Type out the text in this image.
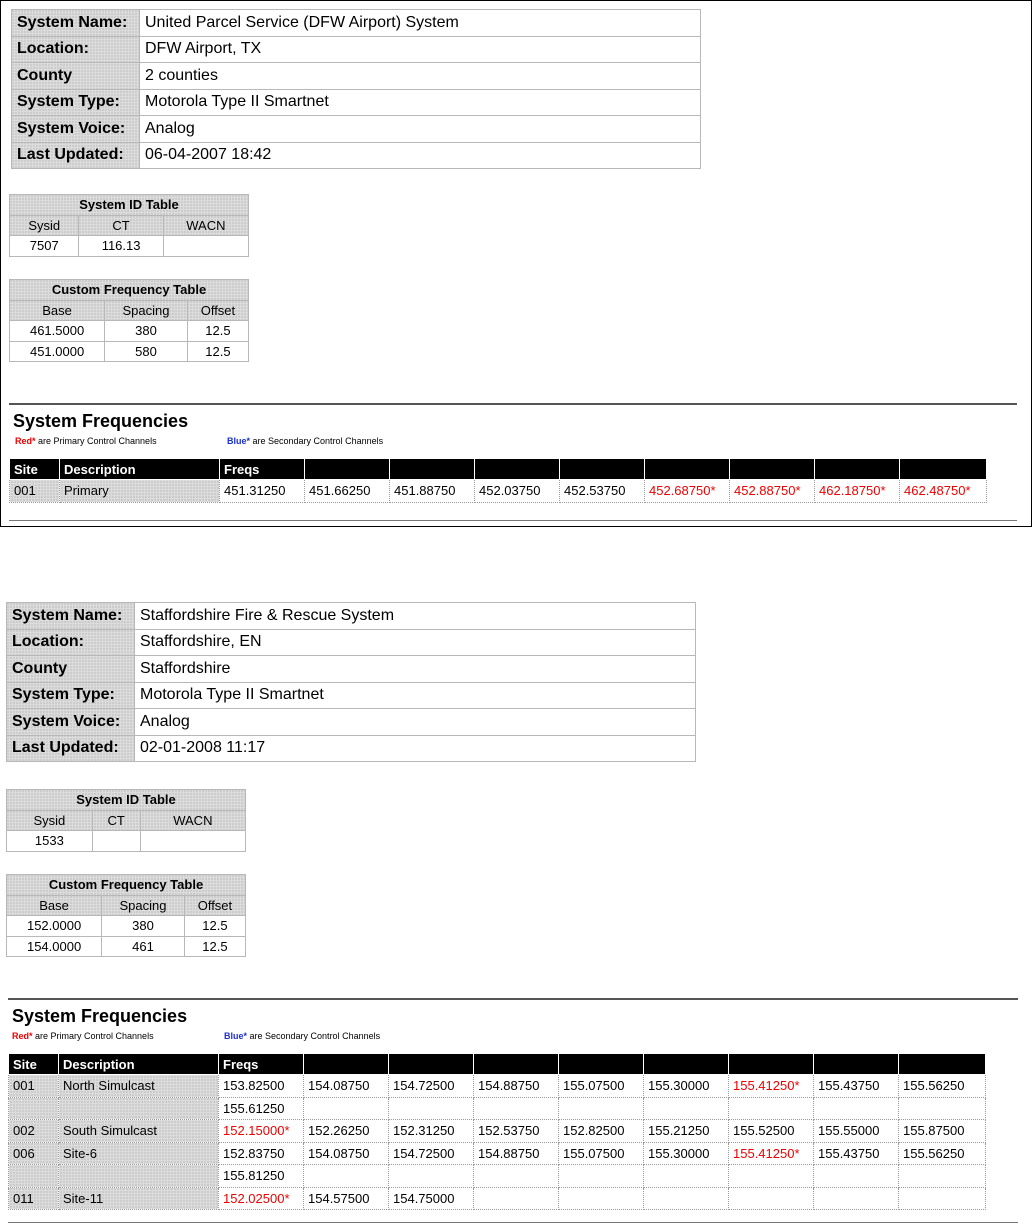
System Name:	United Parcel Service (DFW Airport) System
Location:	DFW Airport, TX
County	2 counties
System Type:	Motorola Type II Smartnet
System Voice:	Analog
Last Updated:	06-04-2007 18:42
System ID Table		
Sysid	CT	WACN
7507	116.13	
Custom Frequency Table		
Base	Spacing	Offset
461.5000	380	12.5
451.0000	580	12.5
System Frequencies
Red* are Primary Control Channels	Blue* are Secondary Control Channels
Site	Description	Freqs								
001	Primary	451.31250	451.66250	451.88750	452.03750	452.53750	452.68750*	452.88750*	462.18750*	462.48750*
System Name:	Staffordshire Fire & Rescue System
Location:	Staffordshire, EN
County	Staffordshire
System Type:	Motorola Type II Smartnet
System Voice:	Analog
Last Updated:	02-01-2008 11:17
System ID Table		
Sysid	CT	WACN
1533		
Custom Frequency Table		
Base	Spacing	Offset
152.0000	380	12.5
154.0000	461	12.5
System Frequencies
Red* are Primary Control Channels	Blue* are Secondary Control Channels
Site	Description	Freqs								
001	North Simulcast	153.82500	154.08750	154.72500	154.88750	155.07500	155.30000	155.41250*	155.43750	155.56250
		155.61250								
002	South Simulcast	152.15000*	152.26250	152.31250	152.53750	152.82500	155.21250	155.52500	155.55000	155.87500
006	Site-6	152.83750	154.08750	154.72500	154.88750	155.07500	155.30000	155.41250*	155.43750	155.56250
		155.81250								
011	Site-11	152.02500*	154.57500	154.75000						
